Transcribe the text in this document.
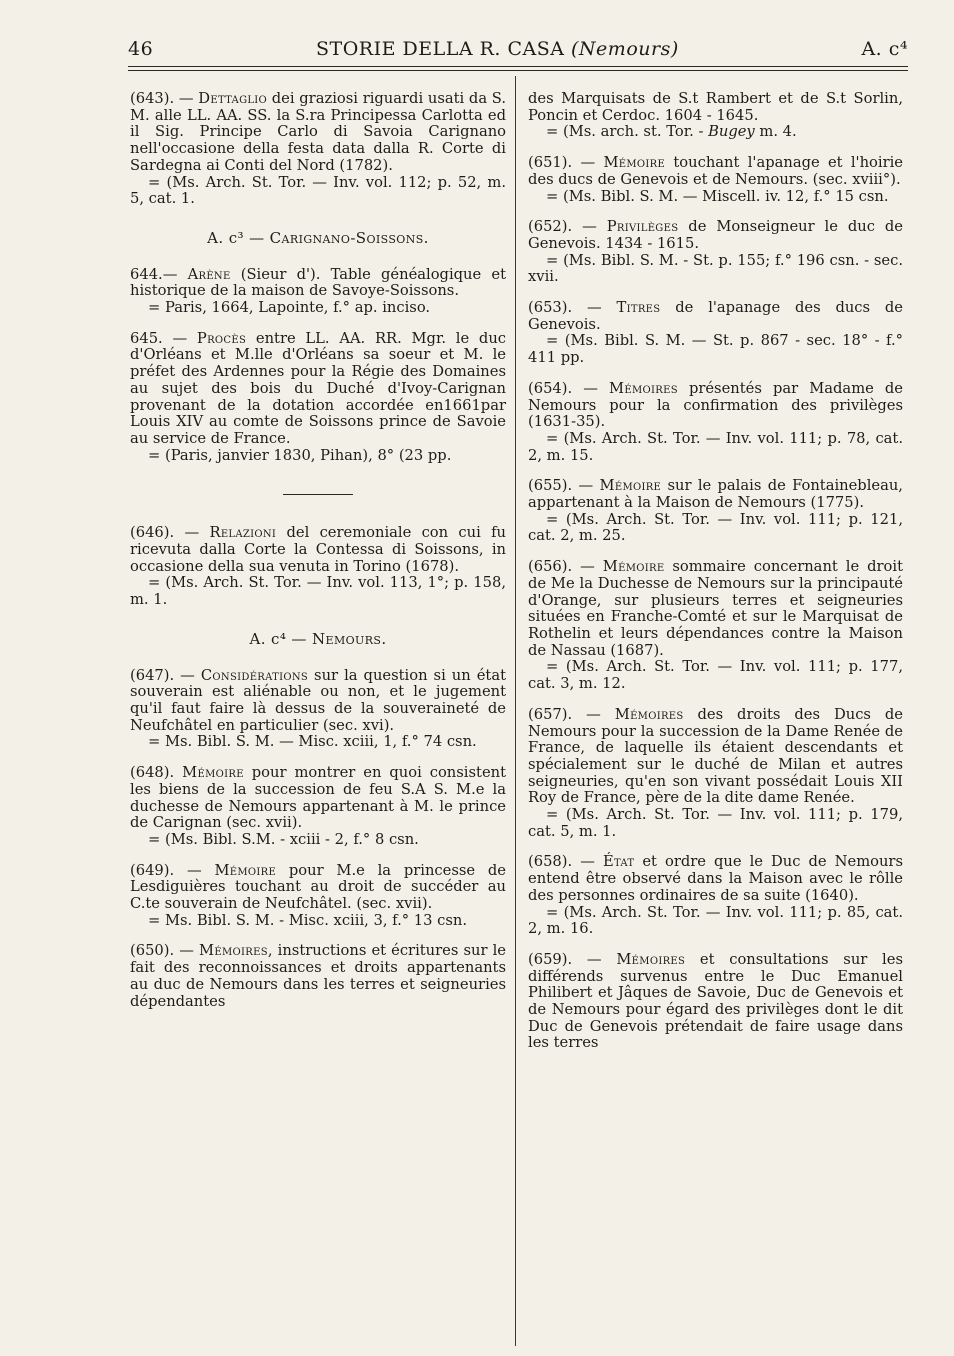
46	STORIE DELLA R. CASA (Nemours)	A. c⁴

(643). — Dettaglio dei graziosi riguardi usati da S. M. alle LL. AA. SS. la S.ra Principessa Carlotta ed il Sig. Principe Carlo di Savoia Carignano nell'occasione della festa data dalla R. Corte di Sardegna ai Conti del Nord (1782).

= (Ms. Arch. St. Tor. — Inv. vol. 112; p. 52, m. 5, cat. 1.
A. c³ — Carignano-Soissons.

644.— Arène (Sieur d'). Table généalogique et historique de la maison de Savoye-Soissons.

= Paris, 1664, Lapointe, f.° ap. inciso.

645. — Procès entre LL. AA. RR. Mgr. le duc d'Orléans et M.lle d'Orléans sa soeur et M. le préfet des Ardennes pour la Régie des Domaines au sujet des bois du Duché d'Ivoy-Carignan provenant de la dotation accordée en1661par Louis XIV au comte de Soissons prince de Savoie au service de France.

= (Paris, janvier 1830, Pihan), 8° (23 pp.

(646). — Relazioni del ceremoniale con cui fu ricevuta dalla Corte la Contessa di Soissons, in occasione della sua venuta in Torino (1678).

= (Ms. Arch. St. Tor. — Inv. vol. 113, 1°; p. 158, m. 1.
A. c⁴ — Nemours.

(647). — Considérations sur la question si un état souverain est aliénable ou non, et le jugement qu'il faut faire là dessus de la souveraineté de Neufchâtel en particulier (sec. xvi).

= Ms. Bibl. S. M. — Misc. xciii, 1, f.° 74 csn.

(648). Mémoire pour montrer en quoi consistent les biens de la succession de feu S.A S. M.e la duchesse de Nemours appartenant à M. le prince de Carignan (sec. xvii).

= (Ms. Bibl. S.M. - xciii - 2, f.° 8 csn.

(649). — Mémoire pour M.e la princesse de Lesdiguières touchant au droit de succéder au C.te souverain de Neufchâtel. (sec. xvii).

= Ms. Bibl. S. M. - Misc. xciii, 3, f.° 13 csn.

(650). — Mémoires, instructions et écritures sur le fait des reconnoissances et droits appartenants au duc de Nemours dans les terres et seigneuries dépendantes

des Marquisats de S.t Rambert et de S.t Sorlin, Poncin et Cerdoc. 1604 - 1645.

= (Ms. arch. st. Tor. - Bugey m. 4.

(651). — Mémoire touchant l'apanage et l'hoirie des ducs de Genevois et de Nemours. (sec. xviii°).

= (Ms. Bibl. S. M. — Miscell. iv. 12, f.° 15 csn.

(652). — Privilèges de Monseigneur le duc de Genevois. 1434 - 1615.

= (Ms. Bibl. S. M. - St. p. 155; f.° 196 csn. - sec. xvii.

(653). — Titres de l'apanage des ducs de Genevois.

= (Ms. Bibl. S. M. — St. p. 867 - sec. 18° - f.° 411 pp.

(654). — Mémoires présentés par Madame de Nemours pour la confirmation des privilèges (1631-35).

= (Ms. Arch. St. Tor. — Inv. vol. 111; p. 78, cat. 2, m. 15.

(655). — Mémoire sur le palais de Fontainebleau, appartenant à la Maison de Nemours (1775).

= (Ms. Arch. St. Tor. — Inv. vol. 111; p. 121, cat. 2, m. 25.

(656). — Mémoire sommaire concernant le droit de Me la Duchesse de Nemours sur la principauté d'Orange, sur plusieurs terres et seigneuries situées en Franche-Comté et sur le Marquisat de Rothelin et leurs dépendances contre la Maison de Nassau (1687).

= (Ms. Arch. St. Tor. — Inv. vol. 111; p. 177, cat. 3, m. 12.

(657). — Mémoires des droits des Ducs de Nemours pour la succession de la Dame Renée de France, de laquelle ils étaient descendants et spécialement sur le duché de Milan et autres seigneuries, qu'en son vivant possédait Louis XII Roy de France, père de la dite dame Renée.

= (Ms. Arch. St. Tor. — Inv. vol. 111; p. 179, cat. 5, m. 1.

(658). — État et ordre que le Duc de Nemours entend être observé dans la Maison avec le rôlle des personnes ordinaires de sa suite (1640).

= (Ms. Arch. St. Tor. — Inv. vol. 111; p. 85, cat. 2, m. 16.

(659). — Mémoires et consultations sur les différends survenus entre le Duc Emanuel Philibert et Jâques de Savoie, Duc de Genevois et de Nemours pour égard des privilèges dont le dit Duc de Genevois prétendait de faire usage dans les terres
